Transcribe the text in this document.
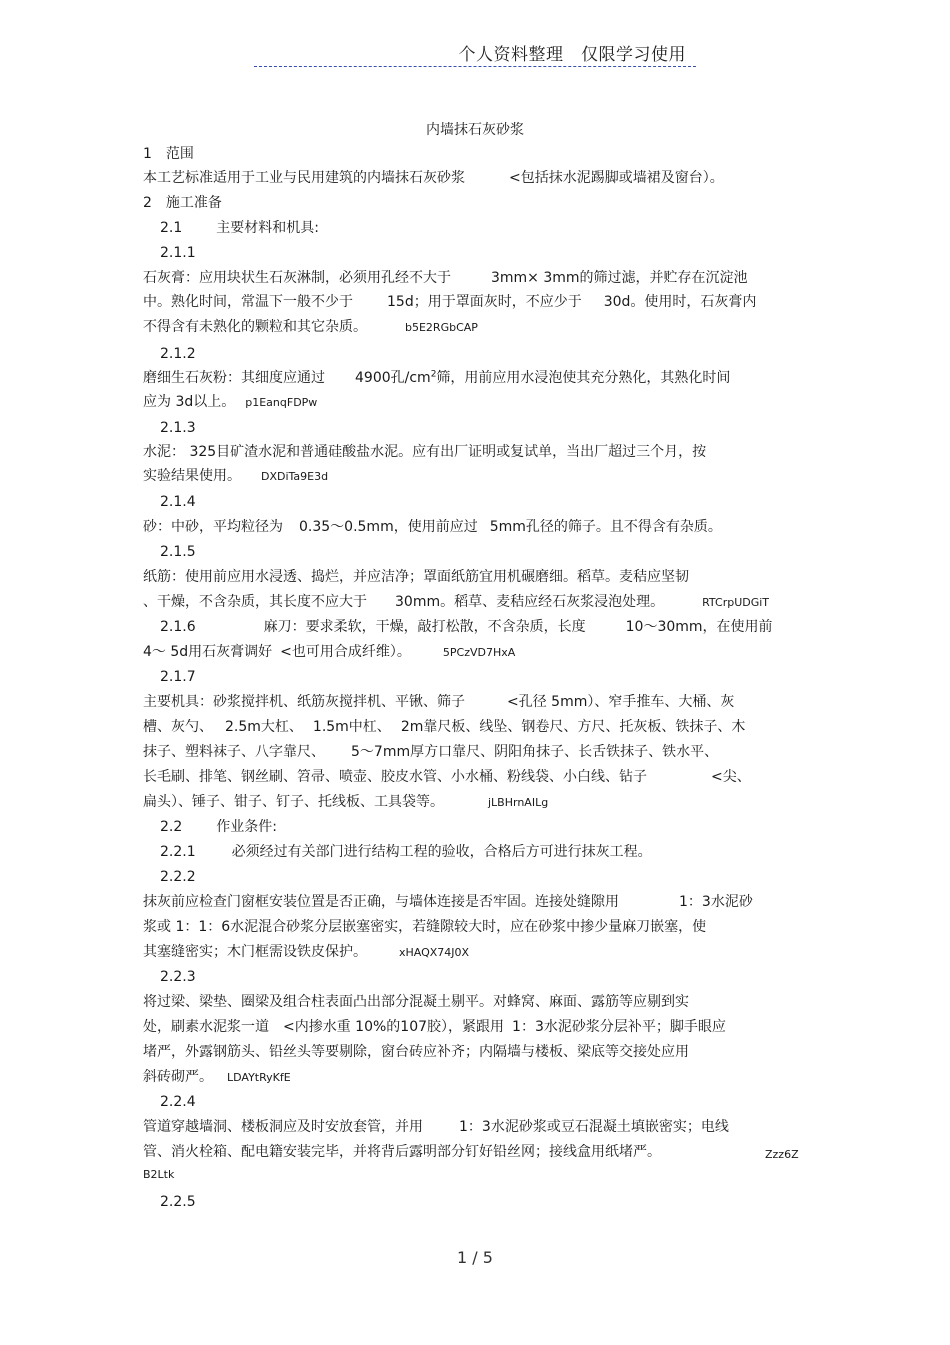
个人资料整理　仅限学习使用
内墙抹石灰砂浆
1　范围
本工艺标准适用于工业与民用建筑的内墙抹石灰砂浆	<包括抹水泥踢脚或墙裙及窗台）。
2　施工准备
2.1 主要材料和机具:
2.1.1
石灰膏：应用块状生石灰淋制，必须用孔经不大于	3mm× 3mm的筛过滤，并贮存在沉淀池
中。熟化时间，常温下一般不少于 15d；用于罩面灰时，不应少于 30d。使用时，石灰膏内
不得含有未熟化的颗粒和其它杂质。	b5E2RGbCAP
2.1.2
磨细生石灰粉：其细度应通过 4900孔$/cm^2$筛，用前应用水浸泡使其充分熟化，其熟化时间
应为 3d以上。 p1EanqFDPw
2.1.3
水泥： 325目矿渣水泥和普通硅酸盐水泥。应有出厂证明或复试单，当出厂超过三个月，按
实验结果使用。 DXDiTa9E3d
2.1.4
砂：中砂，平均粒径为 0.35～0.5mm，使用前应过 5mm孔径的筛子。且不得含有杂质。
2.1.5
纸筋：使用前应用水浸透、捣烂，并应洁净；罩面纸筋宜用机碾磨细。稻草。麦秸应坚韧
、干燥，不含杂质，其长度不应大于 30mm。稻草、麦秸应经石灰浆浸泡处理。	RTCrpUDGiT
2.1.6	麻刀：要求柔软，干燥，敲打松散，不含杂质，长度	10～30mm，在使用前
4～ 5d用石灰膏调好 <也可用合成纤维）。	5PCzVD7HxA
2.1.7
主要机具：砂浆搅拌机、纸筋灰搅拌机、平锹、筛子	<孔径 5mm）、窄手推车、大桶、灰
槽、灰勺、 2.5m大杠、 1.5m中杠、 2m靠尺板、线坠、钢卷尺、方尺、托灰板、铁抹子、木
抹子、塑料袜子、八字靠尺、 5～7mm厚方口靠尺、阴阳角抹子、长舌铁抹子、铁水平、
长毛刷、排笔、钢丝刷、笤帚、喷壶、胶皮水管、小水桶、粉线袋、小白线、钻子	<尖、
扁头）、锤子、钳子、钉子、托线板、工具袋等。	jLBHrnAILg
2.2 作业条件:
2.2.1	必须经过有关部门进行结构工程的验收，合格后方可进行抹灰工程。
2.2.2
抹灰前应检查门窗框安装位置是否正确，与墙体连接是否牢固。连接处缝隙用	1：3水泥砂
浆或 1：1：6水泥混合砂浆分层嵌塞密实，若缝隙较大时，应在砂浆中掺少量麻刀嵌塞，使
其塞缝密实；木门框需设铁皮保护。	xHAQX74J0X
2.2.3
将过梁、梁垫、圈梁及组合柱表面凸出部分混凝土剔平。对蜂窝、麻面、露筋等应剔到实
处，刷素水泥浆一道 <内掺水重 10%的107胶），紧跟用 1：3水泥砂浆分层补平；脚手眼应
堵严，外露钢筋头、铅丝头等要剔除，窗台砖应补齐；内隔墙与楼板、梁底等交接处应用
斜砖砌严。 LDAYtRyKfE
2.2.4
管道穿越墙洞、楼板洞应及时安放套管，并用	1：3水泥砂浆或豆石混凝土填嵌密实；电线
管、消火栓箱、配电籍安装完毕，并将背后露明部分钉好铅丝网；接线盒用纸堵严。	Zzz6Z
B2Ltk
2.2.5
1 / 5
